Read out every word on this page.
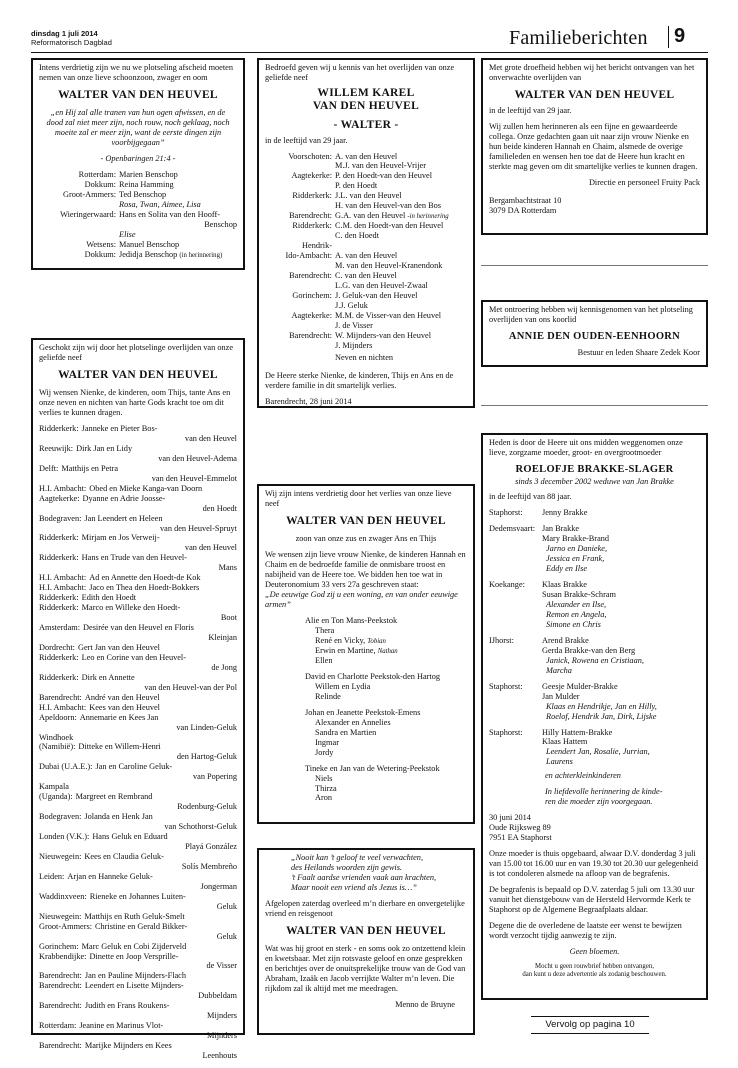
dinsdag 1 juli 2014
Reformatorisch Dagblad	Familieberichten 9
Intens verdrietig zijn we nu we plotseling afscheid moeten nemen van onze lieve schoonzoon, zwager en oom
WALTER VAN DEN HEUVEL
„en Hij zal alle tranen van hun ogen afwissen, en de dood zal niet meer zijn, noch rouw, noch geklaag, noch moeite zal er meer zijn, want de eerste dingen zijn voorbijgegaan”
- Openbaringen 21:4 -
Rotterdam: Marien Benschop
Dokkum: Reina Hamming
Groot-Ammers: Ted Benschop
Rosa, Twan, Aimee, Lisa
Wieringerwaard: Hans en Solita van den Hooff-
Benschop
Elise
Wetsens: Manuel Benschop
Dokkum: Jedidja Benschop (in herinnering)
Bedroefd geven wij u kennis van het overlijden van onze geliefde neef
WILLEM KAREL
VAN DEN HEUVEL
- WALTER -
in de leeftijd van 29 jaar.
Voorschoten: A. van den Heuvel
M.J. van den Heuvel-Vrijer
Aagtekerke: P. den Hoedt-van den Heuvel
P. den Hoedt
Ridderkerk: J.L. van den Heuvel
H. van den Heuvel-van den Bos
Barendrecht: G.A. van den Heuvel -in herinnering
Ridderkerk: C.M. den Hoedt-van den Heuvel
C. den Hoedt
Hendrik-
Ido-Ambacht: A. van den Heuvel
M. van den Heuvel-Kranendonk
Barendrecht: C. van den Heuvel
L.G. van den Heuvel-Zwaal
Gorinchem: J. Geluk-van den Heuvel
J.J. Geluk
Aagtekerke: M.M. de Visser-van den Heuvel
J. de Visser
Barendrecht: W. Mijnders-van den Heuvel
J. Mijnders
Neven en nichten
De Heere sterke Nienke, de kinderen, Thijs en Ans en de verdere familie in dit smartelijk verlies.
Barendrecht, 28 juni 2014
Met grote droefheid hebben wij het bericht ontvangen van het onverwachte overlijden van
WALTER VAN DEN HEUVEL
in de leeftijd van 29 jaar.
Wij zullen hem herinneren als een fijne en gewaardeerde collega. Onze gedachten gaan uit naar zijn vrouw Nienke en hun beide kinderen Hannah en Chaim, alsmede de overige familieleden en wensen hen toe dat de Heere hun kracht en sterkte mag geven om dit smartelijke verlies te kunnen dragen.
Directie en personeel Fruity Pack
Bergambachtstraat 10
3079 DA Rotterdam
Met ontroering hebben wij kennisgenomen van het plotseling overlijden van ons koorlid
ANNIE DEN OUDEN-EENHOORN
Bestuur en leden Shaare Zedek Koor
Geschokt zijn wij door het plotselinge overlijden van onze geliefde neef
WALTER VAN DEN HEUVEL
Wij wensen Nienke, de kinderen, oom Thijs, tante Ans en onze neven en nichten van harte Gods kracht toe om dit verlies te kunnen dragen.
Ridderkerk: Janneke en Pieter Bos-
van den Heuvel
Reeuwijk: Dirk Jan en Lidy
van den Heuvel-Adema
Delft: Matthijs en Petra
van den Heuvel-Emmelot
H.I. Ambacht: Obed en Mieke Kanga-van Doorn
Aagtekerke: Dyanne en Adrie Joosse-
den Hoedt
Bodegraven: Jan Leendert en Heleen
van den Heuvel-Spruyt
Ridderkerk: Mirjam en Jos Verweij-
van den Heuvel
Ridderkerk: Hans en Trude van den Heuvel-
Mans
H.I. Ambacht: Ad en Annette den Hoedt-de Kok
H.I. Ambacht: Jaco en Thea den Hoedt-Bokkers
Ridderkerk: Edith den Hoedt
Ridderkerk: Marco en Willeke den Hoedt-
Boot
Amsterdam: Desirée van den Heuvel en Floris
Kleinjan
Dordrecht: Gert Jan van den Heuvel
Ridderkerk: Leo en Corine van den Heuvel-
de Jong
Ridderkerk: Dirk en Annette
van den Heuvel-van der Pol
Barendrecht: André van den Heuvel
H.I. Ambacht: Kees van den Heuvel
Apeldoorn: Annemarie en Kees Jan
van Linden-Geluk
Windhoek
(Namibië): Ditteke en Willem-Henri
den Hartog-Geluk
Dubai (U.A.E.): Jan en Caroline Geluk-
van Popering
Kampala
(Uganda): Margreet en Rembrand
Rodenburg-Geluk
Bodegraven: Jolanda en Henk Jan
van Schothorst-Geluk
Londen (V.K.): Hans Geluk en Eduard
Playá González
Nieuwegein: Kees en Claudia Geluk-
Solís Membreño
Leiden: Arjan en Hanneke Geluk-
Jongerman
Waddinxveen: Rieneke en Johannes Luiten-
Geluk
Nieuwegein: Matthijs en Ruth Geluk-Smelt
Groot-Ammers: Christine en Gerald Bikker-
Geluk
Gorinchem: Marc Geluk en Cobi Zijderveld
Krabbendijke: Dinette en Joop Versprille-
de Visser
Barendrecht: Jan en Pauline Mijnders-Flach
Barendrecht: Leendert en Lisette Mijnders-
Dubbeldam
Barendrecht: Judith en Frans Roukens-
Mijnders
Rotterdam: Jeanine en Marinus Vlot-
Mijnders
Barendrecht: Marijke Mijnders en Kees
Leenhouts
Wij zijn intens verdrietig door het verlies van onze lieve neef
WALTER VAN DEN HEUVEL
zoon van onze zus en zwager Ans en Thijs
We wensen zijn lieve vrouw Nienke, de kinderen Hannah en Chaim en de bedroefde familie de onmisbare troost en nabijheid van de Heere toe. We bidden hen toe wat in Deuteronomium 33 vers 27a geschreven staat:
„De eeuwige God zij u een woning, en van onder eeuwige armen”
Alie en Ton Mans-Peekstok
Thera
René en Vicky, Tobian
Erwin en Martine, Nathan
Ellen
David en Charlotte Peekstok-den Hartog
Willem en Lydia
Relinde
Johan en Jeanette Peekstok-Emens
Alexander en Annelies
Sandra en Martien
Ingmar
Jordy
Tineke en Jan van de Wetering-Peekstok
Niels
Thirza
Aron
„Nooit kan ’t geloof te veel verwachten,
des Heilands woorden zijn gewis.
’t Faalt aardse vrienden vaak aan krachten,
Maar nooit een vriend als Jezus is…”
Afgelopen zaterdag overleed m’n dierbare en onvergetelijke vriend en reisgenoot
WALTER VAN DEN HEUVEL
Wat was hij groot en sterk - en soms ook zo ontzettend klein en kwetsbaar. Met zijn rotsvaste geloof en onze gesprekken en berichtjes over de onuitsprekelijke trouw van de God van Abraham, Izaäk en Jacob verrijkte Walter m’n leven. Die rijkdom zal ik altijd met me meedragen.
Menno de Bruyne
Heden is door de Heere uit ons midden weggenomen onze lieve, zorgzame moeder, groot- en overgrootmoeder
ROELOFJE BRAKKE-SLAGER
sinds 3 december 2002 weduwe van Jan Brakke
in de leeftijd van 88 jaar.
Staphorst:	Jenny Brakke
Dedemsvaart: Jan Brakke
Mary Brakke-Brand
Jarno en Danieke,
Jessica en Frank,
Eddy en Ilse
Koekange:	Klaas Brakke
Susan Brakke-Schram
Alexander en Ilse,
Remon en Angela,
Simone en Chris
IJhorst:	Arend Brakke
Gerda Brakke-van den Berg
Janick, Rowena en Cristiaan,
Marcha
Staphorst:	Geesje Mulder-Brakke
Jan Mulder
Klaas en Hendrikje, Jan en Hilly,
Roelof, Hendrik Jan, Dirk, Lijske
Staphorst:	Hilly Hattem-Brakke
Klaas Hattem
Leendert Jan, Rosalie, Jurrian,
Laurens
en achterkleinkinderen
In liefdevolle herinnering de kinde-
ren die moeder zijn voorgegaan.
30 juni 2014
Oude Rijksweg 89
7951 EA Staphorst
Onze moeder is thuis opgebaard, alwaar D.V. donderdag 3 juli van 15.00 tot 16.00 uur en van 19.30 tot 20.30 uur gelegenheid is tot condoleren alsmede na afloop van de begrafenis.
De begrafenis is bepaald op D.V. zaterdag 5 juli om 13.30 uur vanuit het dienstgebouw van de Hersteld Hervormde Kerk te Staphorst op de Algemene Begraafplaats aldaar.
Degene die de overledene de laatste eer wenst te bewijzen wordt verzocht tijdig aanwezig te zijn.
Geen bloemen.
Mocht u geen rouwbrief hebben ontvangen,
dan kunt u deze advertentie als zodanig beschouwen.
Vervolg op pagina 10
